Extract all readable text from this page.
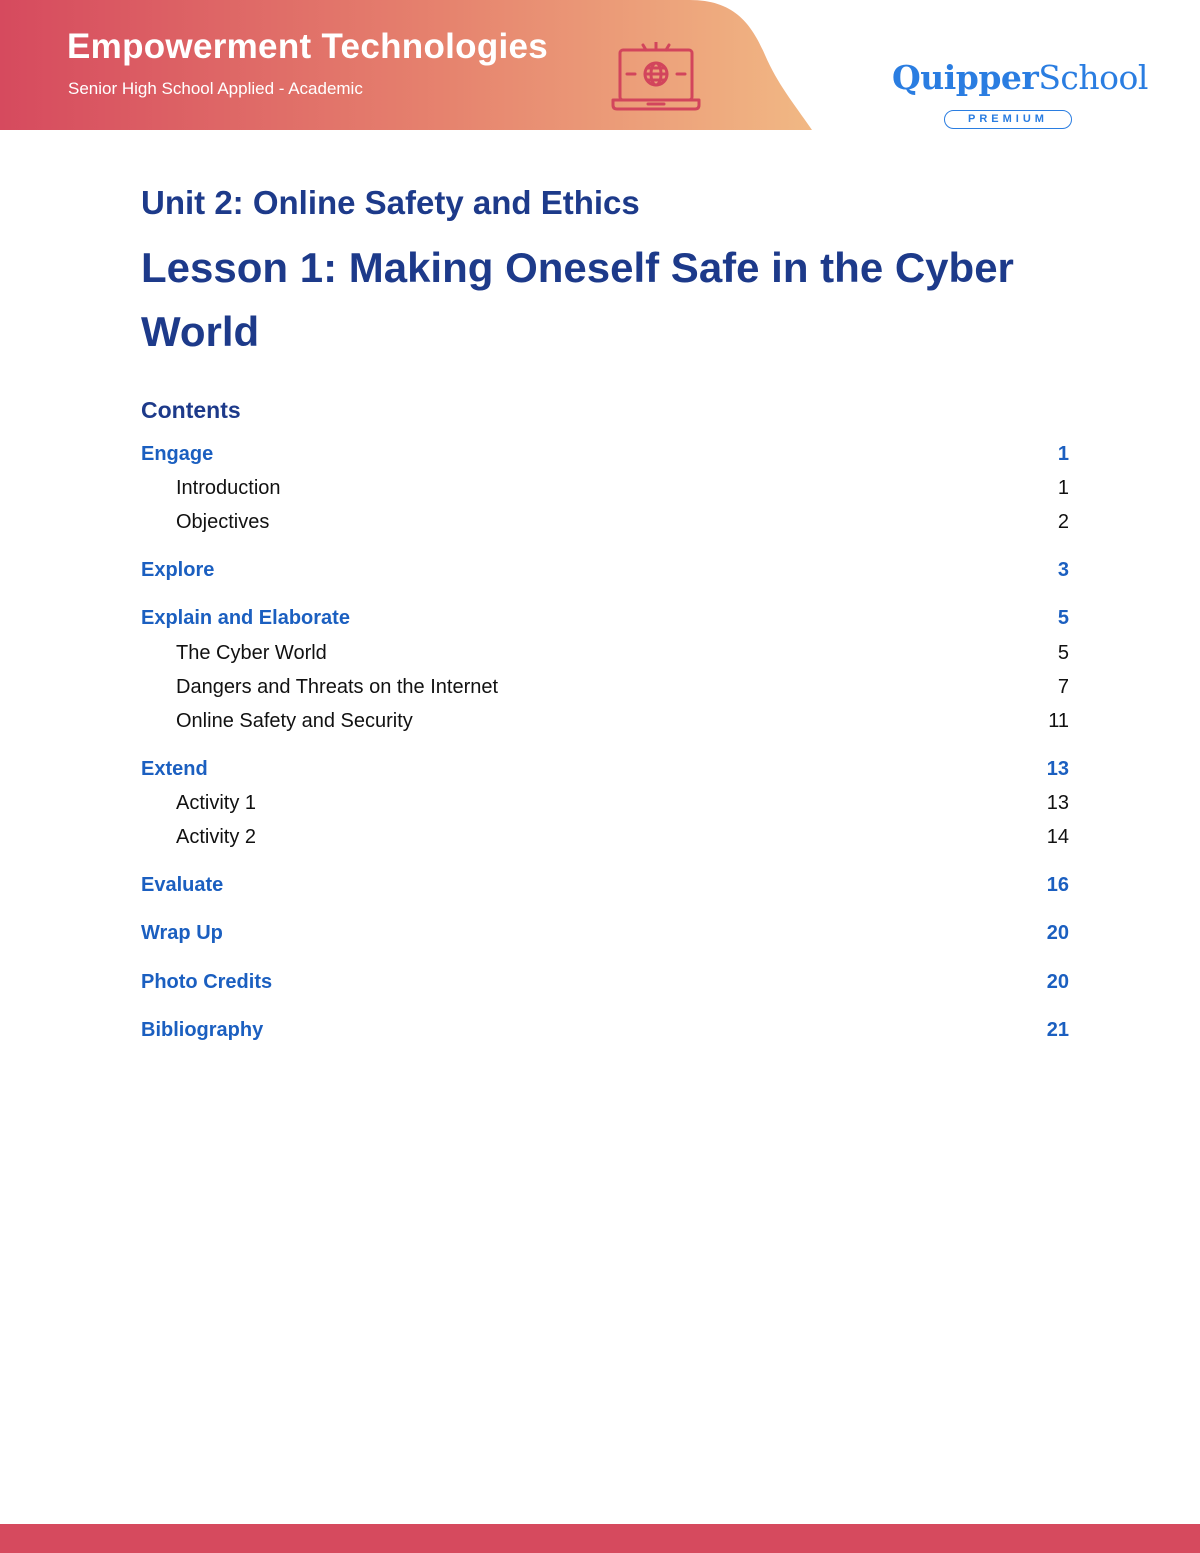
Empowerment Technologies
Senior High School Applied - Academic	QuipperSchool
PREMIUM
Unit 2: Online Safety and Ethics
Lesson 1: Making Oneself Safe in the Cyber World
Contents
Engage	1
Introduction	1
Objectives	2
Explore	3
Explain and Elaborate	5
The Cyber World	5
Dangers and Threats on the Internet	7
Online Safety and Security	11
Extend	13
Activity 1	13
Activity 2	14
Evaluate	16
Wrap Up	20
Photo Credits	20
Bibliography	21
